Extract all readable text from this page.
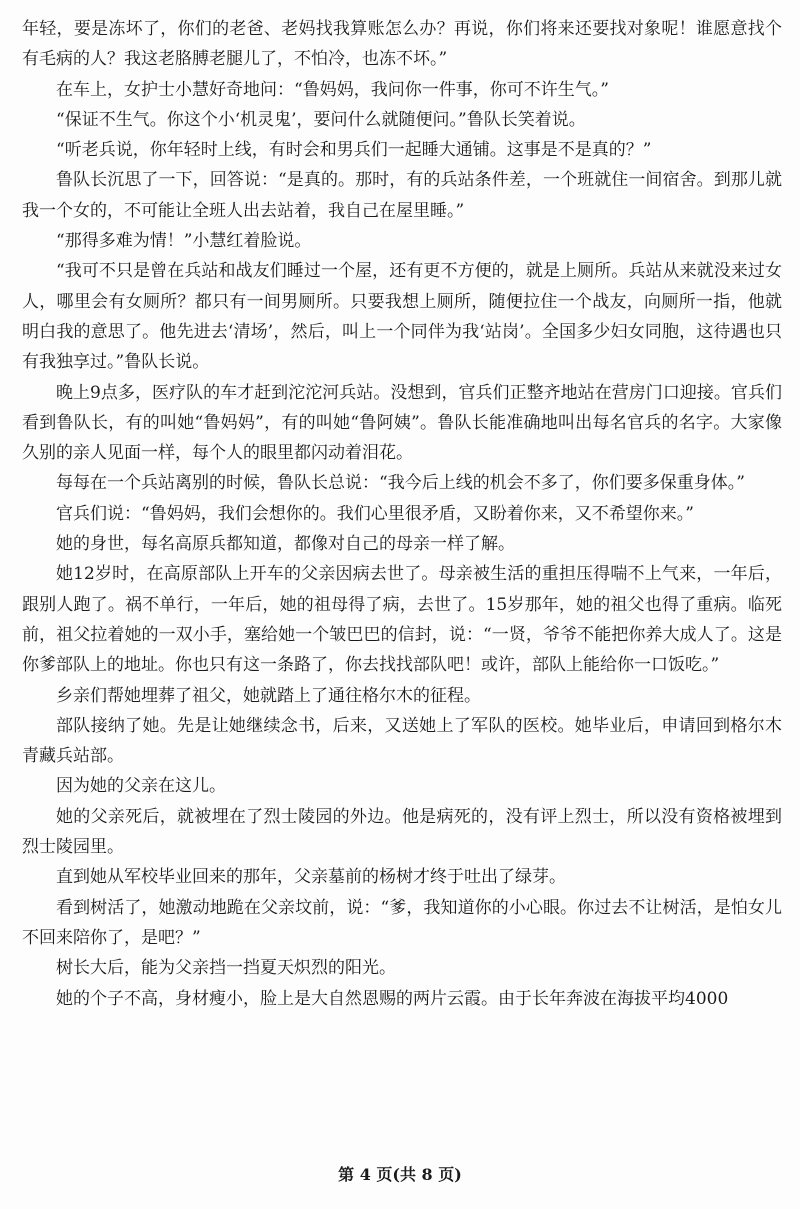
年轻，要是冻坏了，你们的老爸、老妈找我算账怎么办？再说，你们将来还要找对象呢！谁愿意找个有毛病的人？我这老胳膊老腿儿了，不怕冷，也冻不坏。”

在车上，女护士小慧好奇地问：“鲁妈妈，我问你一件事，你可不许生气。”

“保证不生气。你这个小‘机灵鬼’，要问什么就随便问。”鲁队长笑着说。

“听老兵说，你年轻时上线，有时会和男兵们一起睡大通铺。这事是不是真的？”

鲁队长沉思了一下，回答说：“是真的。那时，有的兵站条件差，一个班就住一间宿舍。到那儿就我一个女的，不可能让全班人出去站着，我自己在屋里睡。”

“那得多难为情！”小慧红着脸说。

“我可不只是曾在兵站和战友们睡过一个屋，还有更不方便的，就是上厕所。兵站从来就没来过女人，哪里会有女厕所？都只有一间男厕所。只要我想上厕所，随便拉住一个战友，向厕所一指，他就明白我的意思了。他先进去‘清场’，然后，叫上一个同伴为我‘站岗’。全国多少妇女同胞，这待遇也只有我独享过。”鲁队长说。

晚上9点多，医疗队的车才赶到沱沱河兵站。没想到，官兵们正整齐地站在营房门口迎接。官兵们看到鲁队长，有的叫她“鲁妈妈”，有的叫她“鲁阿姨”。鲁队长能准确地叫出每名官兵的名字。大家像久别的亲人见面一样，每个人的眼里都闪动着泪花。

每每在一个兵站离别的时候，鲁队长总说：“我今后上线的机会不多了，你们要多保重身体。”

官兵们说：“鲁妈妈，我们会想你的。我们心里很矛盾，又盼着你来，又不希望你来。”

她的身世，每名高原兵都知道，都像对自己的母亲一样了解。

她12岁时，在高原部队上开车的父亲因病去世了。母亲被生活的重担压得喘不上气来，一年后，跟别人跑了。祸不单行，一年后，她的祖母得了病，去世了。15岁那年，她的祖父也得了重病。临死前，祖父拉着她的一双小手，塞给她一个皱巴巴的信封，说：“一贤，爷爷不能把你养大成人了。这是你爹部队上的地址。你也只有这一条路了，你去找找部队吧！或许，部队上能给你一口饭吃。”

乡亲们帮她埋葬了祖父，她就踏上了通往格尔木的征程。

部队接纳了她。先是让她继续念书，后来，又送她上了军队的医校。她毕业后，申请回到格尔木青藏兵站部。

因为她的父亲在这儿。

她的父亲死后，就被埋在了烈士陵园的外边。他是病死的，没有评上烈士，所以没有资格被埋到烈士陵园里。

直到她从军校毕业回来的那年，父亲墓前的杨树才终于吐出了绿芽。

看到树活了，她激动地跪在父亲坟前，说：“爹，我知道你的小心眼。你过去不让树活，是怕女儿不回来陪你了，是吧？”

树长大后，能为父亲挡一挡夏天炽烈的阳光。

她的个子不高，身材瘦小，脸上是大自然恩赐的两片云霞。由于长年奔波在海拔平均4000

第 4 页(共 8 页)
